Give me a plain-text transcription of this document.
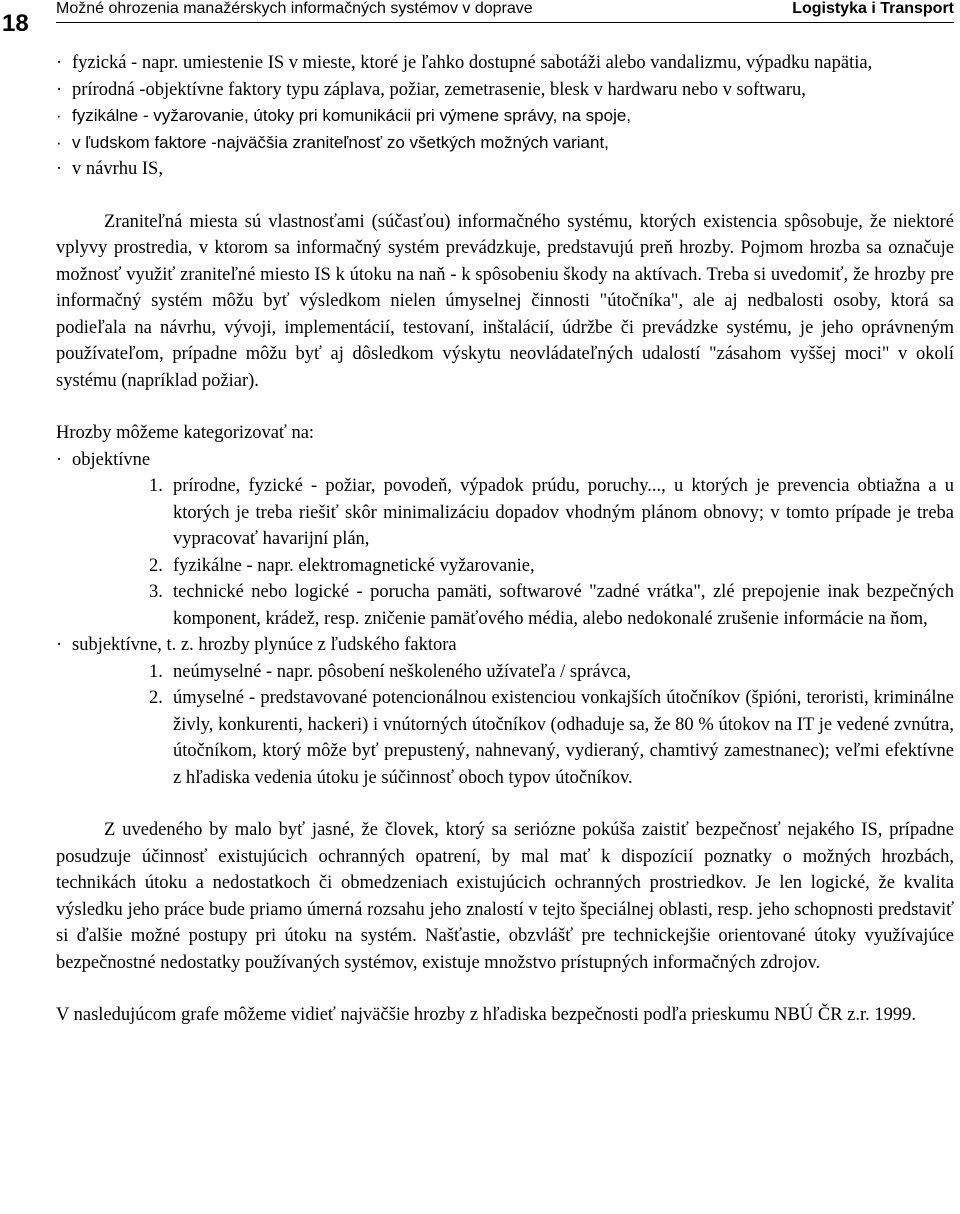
18
Možné ohrozenia manažérskych informačných systémov v doprave	Logistyka i Transport
· fyzická - napr. umiestenie IS v mieste, ktoré je ľahko dostupné sabotáži alebo vandalizmu, výpadku napätia,
· prírodná -objektívne faktory typu záplava, požiar, zemetrasenie, blesk v hardwaru nebo v softwaru,
· fyzikálne - vyžarovanie, útoky pri komunikácii pri výmene správy, na spoje,
· v ľudskom faktore -najväčšia zraniteľnosť zo všetkých možných variant,
· v návrhu IS,

Zraniteľná miesta sú vlastnosťami (súčasťou) informačného systému, ktorých existencia spôsobuje, že niektoré vplyvy prostredia, v ktorom sa informačný systém prevádzkuje, predstavujú preň hrozby. Pojmom hrozba sa označuje možnosť využiť zraniteľné miesto IS k útoku na naň - k spôsobeniu škody na aktívach. Treba si uvedomiť, že hrozby pre informačný systém môžu byť výsledkom nielen úmyselnej činnosti "útočníka", ale aj nedbalosti osoby, ktorá sa podieľala na návrhu, vývoji, implementácií, testovaní, inštalácií, údržbe či prevádzke systému, je jeho oprávneným používateľom, prípadne môžu byť aj dôsledkom výskytu neovládateľných udalostí "zásahom vyššej moci" v okolí systému (napríklad požiar).

Hrozby môžeme kategorizovať na:
· objektívne
1. prírodne, fyzické - požiar, povodeň, výpadok prúdu, poruchy..., u ktorých je prevencia obtiažna a u ktorých je treba riešiť skôr minimalizáciu dopadov vhodným plánom obnovy; v tomto prípade je treba vypracovať havarijní plán,
2. fyzikálne - napr. elektromagnetické vyžarovanie,
3. technické nebo logické - porucha pamäti, softwarové "zadné vrátka", zlé prepojenie inak bezpečných komponent, krádež, resp. zničenie pamäťového média, alebo nedokonalé zrušenie informácie na ňom,
· subjektívne, t. z. hrozby plynúce z ľudského faktora
1. neúmyselné - napr. pôsobení neškoleného užívateľa / správca,
2. úmyselné - predstavované potencionálnou existenciou vonkajších útočníkov (špióni, teroristi, kriminálne živly, konkurenti, hackeri) i vnútorných útočníkov (odhaduje sa, že 80 % útokov na IT je vedené zvnútra, útočníkom, ktorý môže byť prepustený, nahnevaný, vydieraný, chamtivý zamestnanec); veľmi efektívne z hľadiska vedenia útoku je súčinnosť oboch typov útočníkov.

Z uvedeného by malo byť jasné, že človek, ktorý sa seriózne pokúša zaistiť bezpečnosť nejakého IS, prípadne posudzuje účinnosť existujúcich ochranných opatrení, by mal mať k dispozícií poznatky o možných hrozbách, technikách útoku a nedostatkoch či obmedzeniach existujúcich ochranných prostriedkov. Je len logické, že kvalita výsledku jeho práce bude priamo úmerná rozsahu jeho znalostí v tejto špeciálnej oblasti, resp. jeho schopnosti predstaviť si ďalšie možné postupy pri útoku na systém. Našťastie, obzvlášť pre technickejšie orientované útoky využívajúce bezpečnostné nedostatky používaných systémov, existuje množstvo prístupných informačných zdrojov.

V nasledujúcom grafe môžeme vidieť najväčšie hrozby z hľadiska bezpečnosti podľa prieskumu NBÚ ČR z.r. 1999.
